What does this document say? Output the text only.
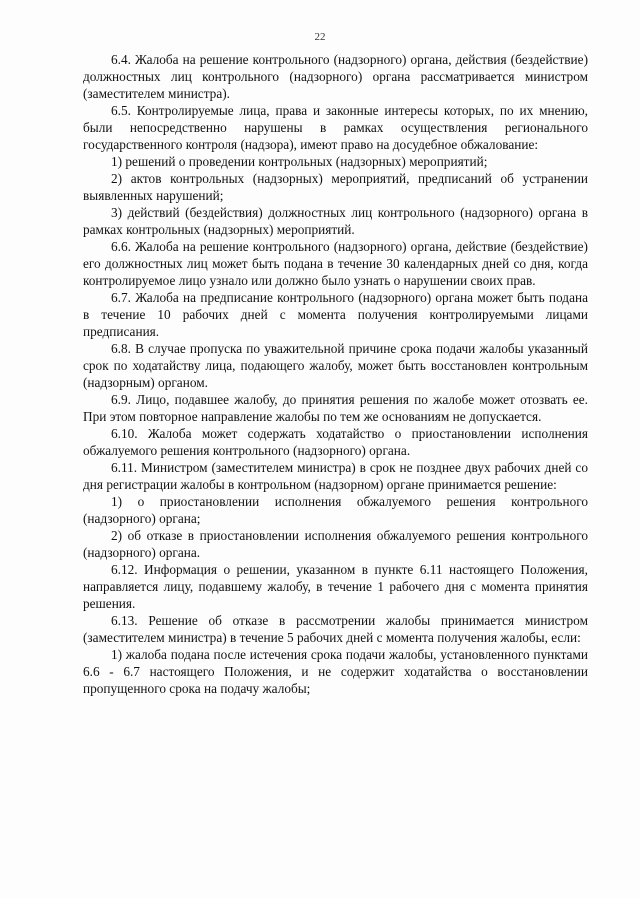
22

6.4. Жалоба на решение контрольного (надзорного) органа, действия (бездействие) должностных лиц контрольного (надзорного) органа рассматривается министром (заместителем министра).

6.5. Контролируемые лица, права и законные интересы которых, по их мнению, были непосредственно нарушены в рамках осуществления регионального государственного контроля (надзора), имеют право на досудебное обжалование:

1) решений о проведении контрольных (надзорных) мероприятий;

2) актов контрольных (надзорных) мероприятий, предписаний об устранении выявленных нарушений;

3) действий (бездействия) должностных лиц контрольного (надзорного) органа в рамках контрольных (надзорных) мероприятий.

6.6. Жалоба на решение контрольного (надзорного) органа, действие (бездействие) его должностных лиц может быть подана в течение 30 календарных дней со дня, когда контролируемое лицо узнало или должно было узнать о нарушении своих прав.

6.7. Жалоба на предписание контрольного (надзорного) органа может быть подана в течение 10 рабочих дней с момента получения контролируемыми лицами предписания.

6.8. В случае пропуска по уважительной причине срока подачи жалобы указанный срок по ходатайству лица, подающего жалобу, может быть восстановлен контрольным (надзорным) органом.

6.9. Лицо, подавшее жалобу, до принятия решения по жалобе может отозвать ее. При этом повторное направление жалобы по тем же основаниям не допускается.

6.10. Жалоба может содержать ходатайство о приостановлении исполнения обжалуемого решения контрольного (надзорного) органа.

6.11. Министром (заместителем министра) в срок не позднее двух рабочих дней со дня регистрации жалобы в контрольном (надзорном) органе принимается решение:

1) о приостановлении исполнения обжалуемого решения контрольного (надзорного) органа;

2) об отказе в приостановлении исполнения обжалуемого решения контрольного (надзорного) органа.

6.12. Информация о решении, указанном в пункте 6.11 настоящего Положения, направляется лицу, подавшему жалобу, в течение 1 рабочего дня с момента принятия решения.

6.13. Решение об отказе в рассмотрении жалобы принимается министром (заместителем министра) в течение 5 рабочих дней с момента получения жалобы, если:

1) жалоба подана после истечения срока подачи жалобы, установленного пунктами 6.6 - 6.7 настоящего Положения, и не содержит ходатайства о восстановлении пропущенного срока на подачу жалобы;
